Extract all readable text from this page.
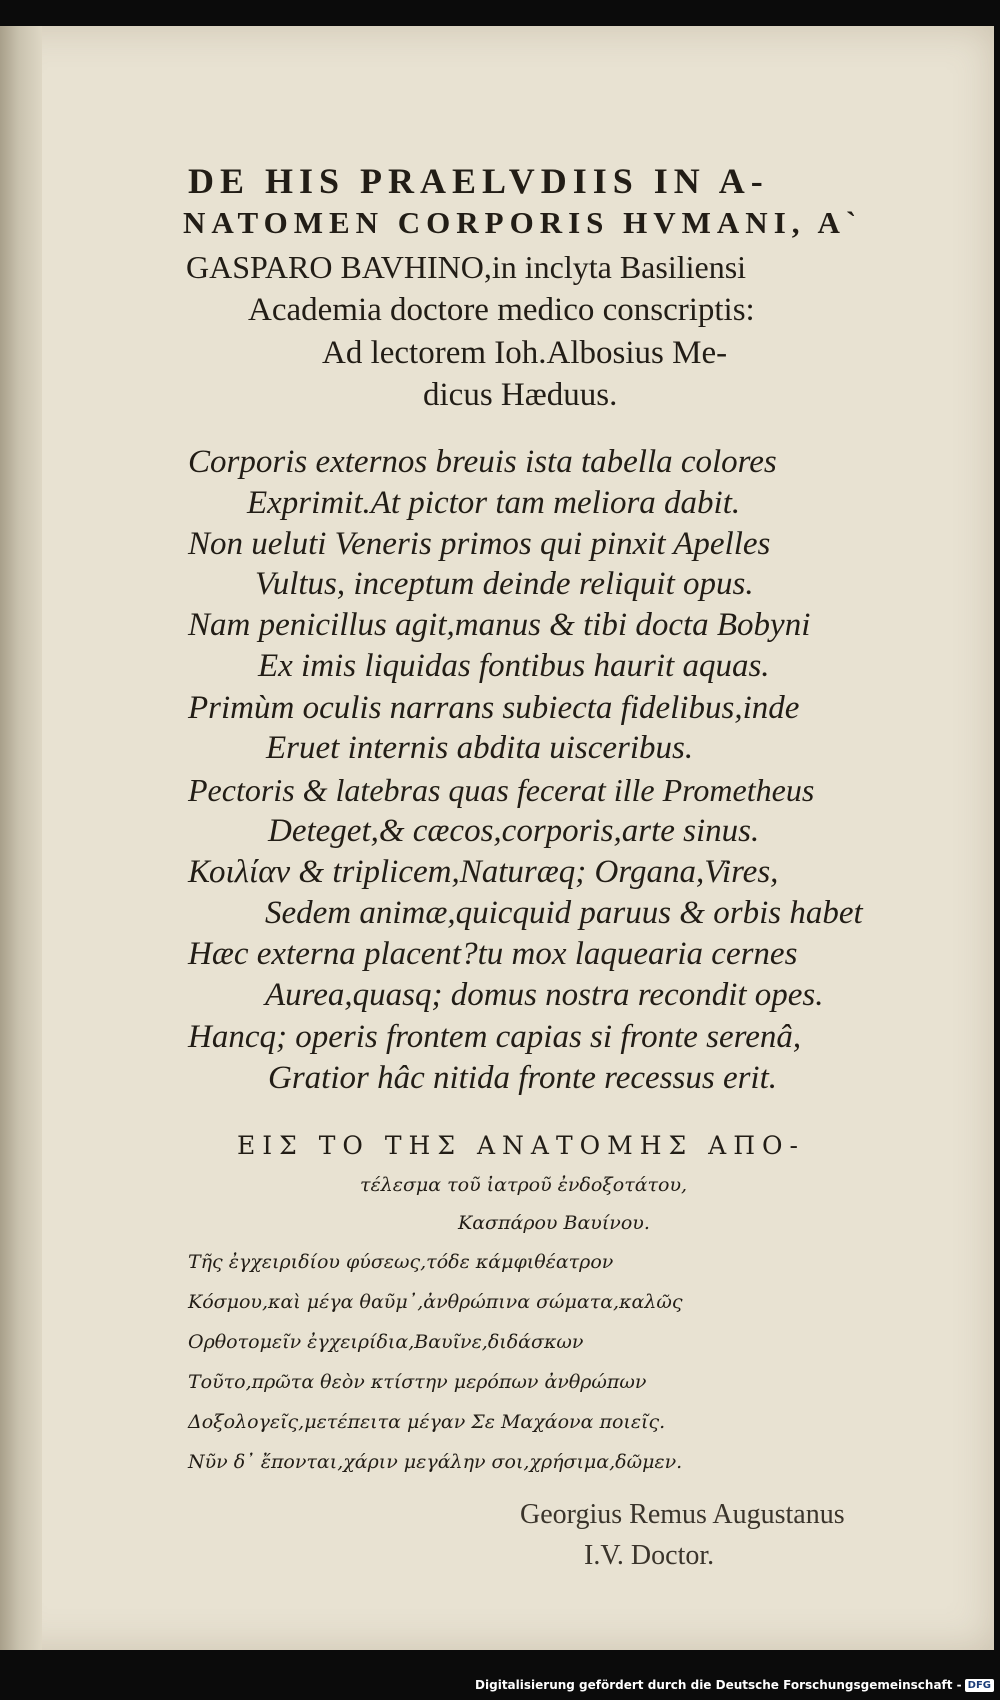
DE HIS PRAELVDIIS IN A-

NATOMEN CORPORIS HVMANI, A`

GASPARO BAVHINO,in inclyta Basiliensi

Academia doctore medico conscriptis:

Ad lectorem Ioh.Albosius Me-

dicus Hæduus.

Corporis externos breuis ista tabella colores

Exprimit.At pictor tam meliora dabit.

Non ueluti Veneris primos qui pinxit Apelles

Vultus, inceptum deinde reliquit opus.

Nam penicillus agit,manus & tibi docta Bobyni

Ex imis liquidas fontibus haurit aquas.

Primùm oculis narrans subiecta fidelibus,inde

Eruet internis abdita uisceribus.

Pectoris & latebras quas fecerat ille Prometheus

Deteget,& cæcos,corporis,arte sinus.

Κοιλίαν & triplicem,Naturæq; Organa,Vires,

Sedem animæ,quicquid paruus & orbis habet

Hæc externa placent?tu mox laquearia cernes

Aurea,quasq; domus nostra recondit opes.

Hancq; operis frontem capias si fronte serenâ,

Gratior hâc nitida fronte recessus erit.

ΕΙΣ ΤΟ ΤΗΣ ΑΝΑΤΟΜΗΣ ΑΠΟ-

τέλεσμα τοῦ ἰατροῦ ἐνδοξοτάτου,

Κασπάρου Βαυίνου.

Τῆς ἐγχειριδίου φύσεως,τόδε κάμφιθέατρον

Κόσμου,καὶ μέγα θαῦμ᾽,ἀνθρώπινα σώματα,καλῶς

Ορθοτομεῖν ἐγχειρίδια,Βαυῖνε,διδάσκων

Τοῦτο,πρῶτα θεὸν κτίστην μερόπων ἀνθρώπων

Δοξολογεῖς,μετέπειτα μέγαν Σε Μαχάονα ποιεῖς.

Νῦν δ᾽ ἔπονται,χάριν μεγάλην σοι,χρήσιμα,δῶμεν.

Georgius Remus Augustanus

I.V. Doctor.

Digitalisierung gefördert durch die Deutsche Forschungsgemeinschaft - DFG
